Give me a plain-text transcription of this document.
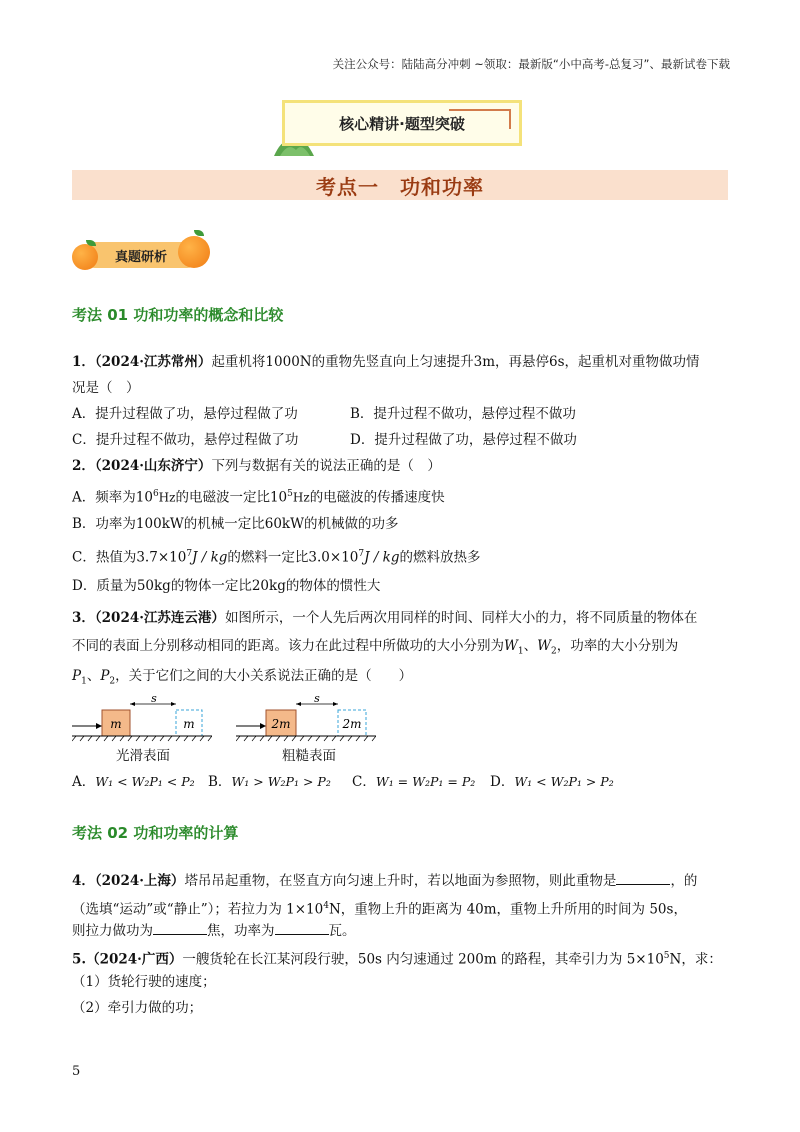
关注公众号：陆陆高分冲刺 ~领取：最新版“小中高考-总复习”、最新试卷下载
核心精讲·题型突破
考点一　功和功率
真题研析
考法 01 功和功率的概念和比较
1．（2024·江苏常州）起重机将1000N的重物先竖直向上匀速提升3m，再悬停6s，起重机对重物做功情
况是（　）
A．提升过程做了功，悬停过程做了功	B．提升过程不做功，悬停过程不做功
C．提升过程不做功，悬停过程做了功	D．提升过程做了功，悬停过程不做功
2．（2024·山东济宁）下列与数据有关的说法正确的是（　）
A．频率为$10^6Hz$的电磁波一定比$10^5Hz$的电磁波的传播速度快
B．功率为100kW的机械一定比60kW的机械做的功多
C．热值为$3.7\times 10^7J$ / kg的燃料一定比$3.0\times 10^7J$ / kg的燃料放热多
D．质量为50kg的物体一定比20kg的物体的惯性大
3．（2024·江苏连云港）如图所示，一个人先后两次用同样的时间、同样大小的力，将不同质量的物体在
不同的表面上分别移动相同的距离。该力在此过程中所做功的大小分别为$W_1$、$W_2$，功率的大小分别为
$P_1$、$P_2$，关于它们之间的大小关系说法正确的是（　　）
m	m
s
光滑表面
2m	2m
s
粗糙表面
A．W₁ < W₂P₁ < P₂ B．W₁ > W₂P₁ > P₂ C．W₁ = W₂P₁ = P₂ D．W₁ < W₂P₁ > P₂
考法 02 功和功率的计算
4．（2024·上海）塔吊吊起重物，在竖直方向匀速上升时，若以地面为参照物，则此重物是	，的
（选填“运动”或“静止”）；若拉力为 $1\times 10^4N$，重物上升的距离为 40m，重物上升所用的时间为 50s，
则拉力做功为	焦，功率为	瓦。
5.（2024·广西）一艘货轮在长江某河段行驶，50s 内匀速通过 200m 的路程，其牵引力为 $5\times 10^5N$，求：
（1）货轮行驶的速度；
（2）牵引力做的功；
5
